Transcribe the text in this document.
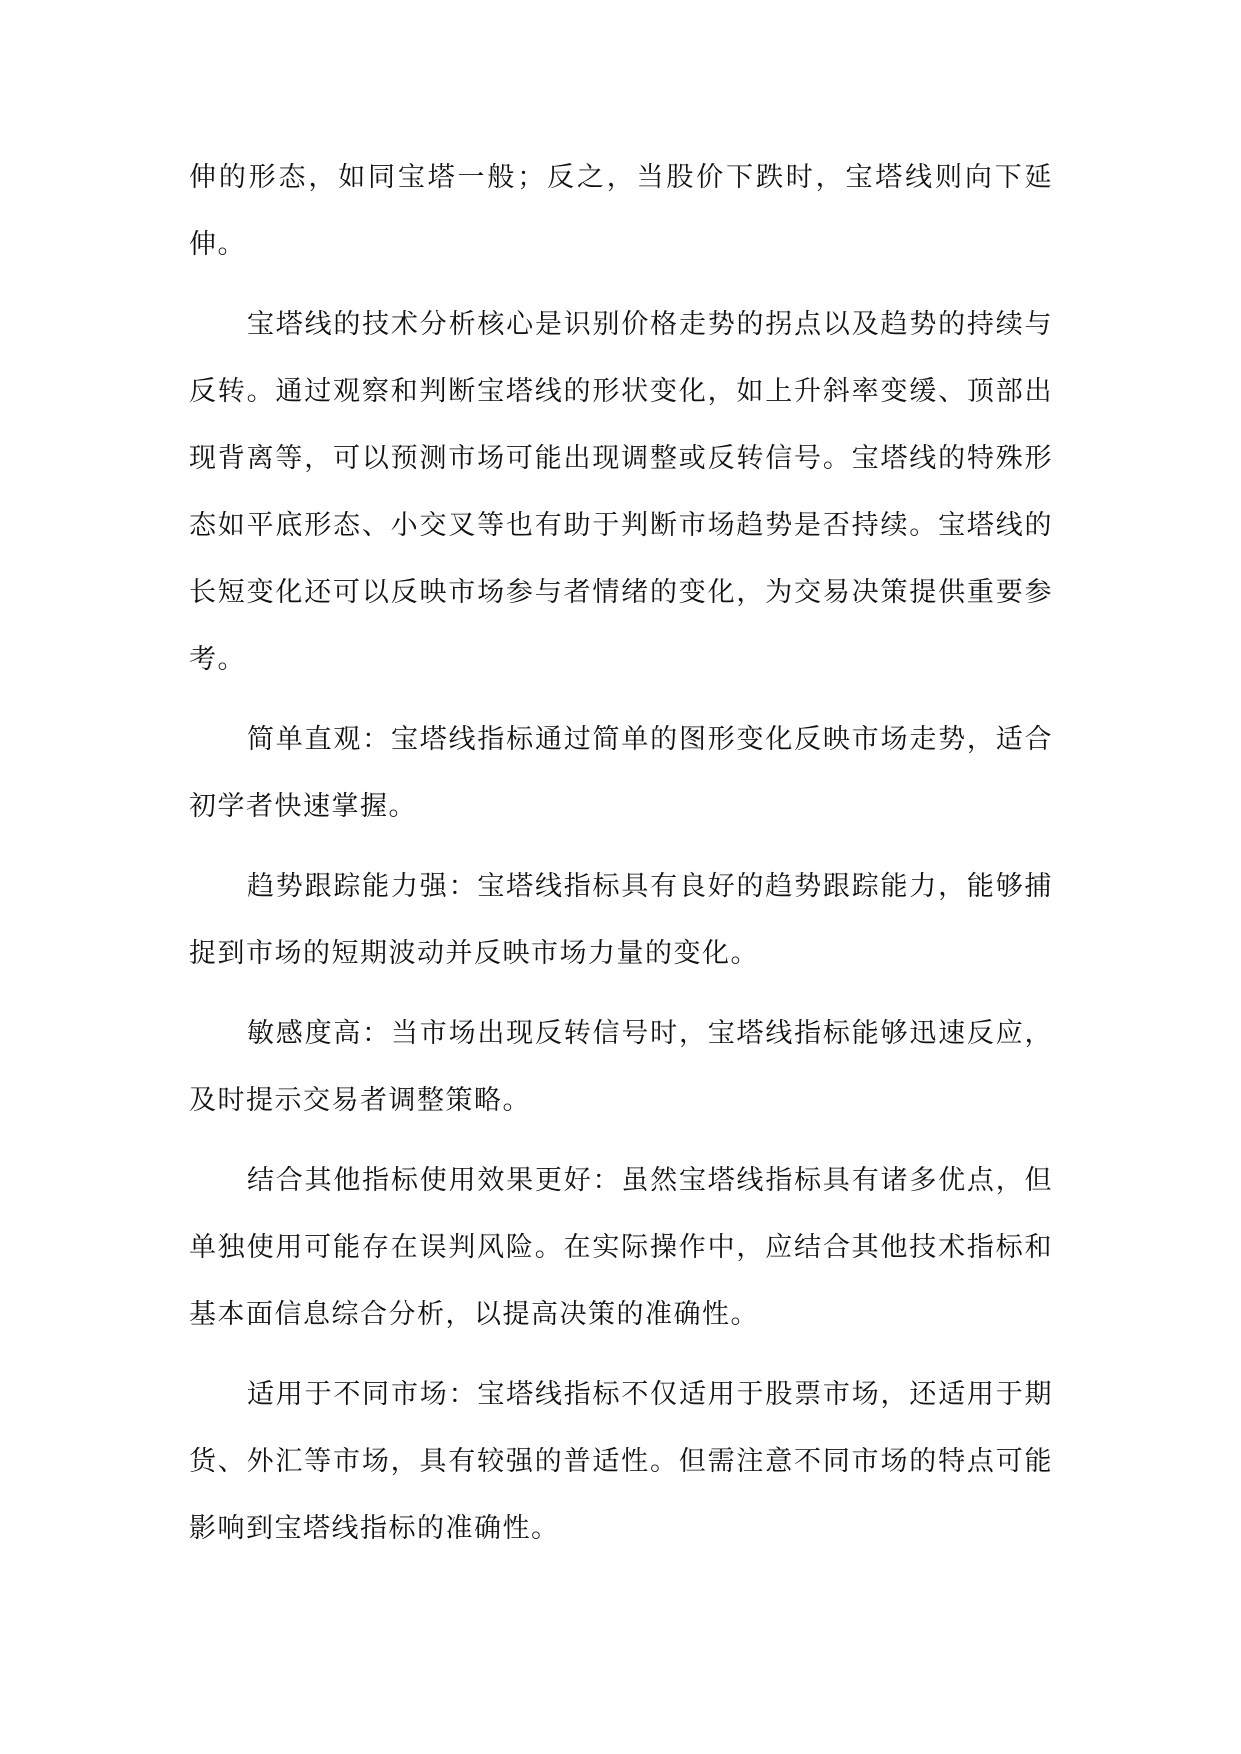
伸的形态，如同宝塔一般；反之，当股价下跌时，宝塔线则向下延伸。

宝塔线的技术分析核心是识别价格走势的拐点以及趋势的持续与反转。通过观察和判断宝塔线的形状变化，如上升斜率变缓、顶部出现背离等，可以预测市场可能出现调整或反转信号。宝塔线的特殊形态如平底形态、小交叉等也有助于判断市场趋势是否持续。宝塔线的长短变化还可以反映市场参与者情绪的变化，为交易决策提供重要参考。

简单直观：宝塔线指标通过简单的图形变化反映市场走势，适合初学者快速掌握。

趋势跟踪能力强：宝塔线指标具有良好的趋势跟踪能力，能够捕捉到市场的短期波动并反映市场力量的变化。

敏感度高：当市场出现反转信号时，宝塔线指标能够迅速反应，及时提示交易者调整策略。

结合其他指标使用效果更好：虽然宝塔线指标具有诸多优点，但单独使用可能存在误判风险。在实际操作中，应结合其他技术指标和基本面信息综合分析，以提高决策的准确性。

适用于不同市场：宝塔线指标不仅适用于股票市场，还适用于期货、外汇等市场，具有较强的普适性。但需注意不同市场的特点可能影响到宝塔线指标的准确性。
